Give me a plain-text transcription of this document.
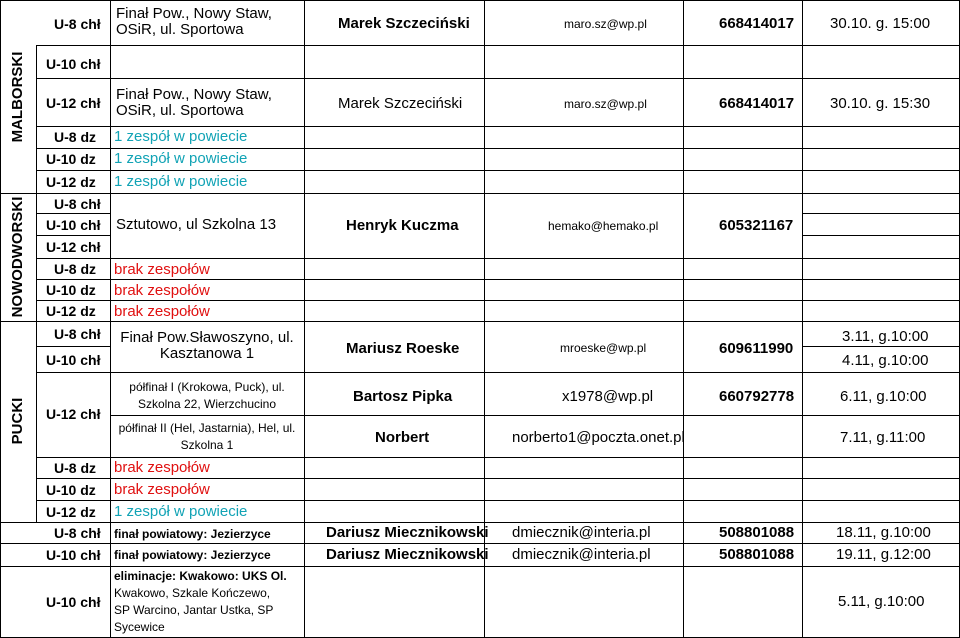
MALBORSKI
NOWODWORSKI
PUCKI
U-8 chł
U-10 chł
U-12 chł
U-8 dz
U-10 dz
U-12 dz
U-8 chł
U-10 chł
U-12 chł
U-8 dz
U-10 dz
U-12 dz
U-8 chł
U-10 chł
U-12 chł
U-8 dz
U-10 dz
U-12 dz
U-8 chł
U-10 chł
U-10 chł
Finał Pow., Nowy Staw,
OSiR, ul. Sportowa
Finał Pow., Nowy Staw,
OSiR, ul. Sportowa
1 zespół w powiecie
1 zespół w powiecie
1 zespół w powiecie
Sztutowo, ul Szkolna 13
brak zespołów
brak zespołów
brak zespołów
Finał Pow.Sławoszyno, ul.
Kasztanowa 1
półfinał I (Krokowa, Puck), ul.
Szkolna 22, Wierzchucino
półfinał II (Hel, Jastarnia), Hel, ul.
Szkolna 1
brak zespołów
brak zespołów
1 zespół w powiecie
finał powiatowy: Jezierzyce
finał powiatowy: Jezierzyce
eliminacje: Kwakowo: UKS Ol.
Kwakowo, Szkale Kończewo,
SP Warcino, Jantar Ustka, SP
Sycewice
Marek Szczeciński
Marek Szczeciński
Henryk Kuczma
Mariusz Roeske
Bartosz Pipka
Norbert
Dariusz Miecznikowski
Dariusz Miecznikowski
maro.sz@wp.pl
maro.sz@wp.pl
hemako@hemako.pl
mroeske@wp.pl
x1978@wp.pl
norberto1@poczta.onet.pl
dmiecznik@interia.pl
dmiecznik@interia.pl
668414017
668414017
605321167
609611990
660792778
508801088
508801088
30.10. g. 15:00
30.10. g. 15:30
3.11, g.10:00
4.11, g.10:00
6.11, g.10:00
7.11, g.11:00
18.11, g.10:00
19.11, g.12:00
5.11, g.10:00
